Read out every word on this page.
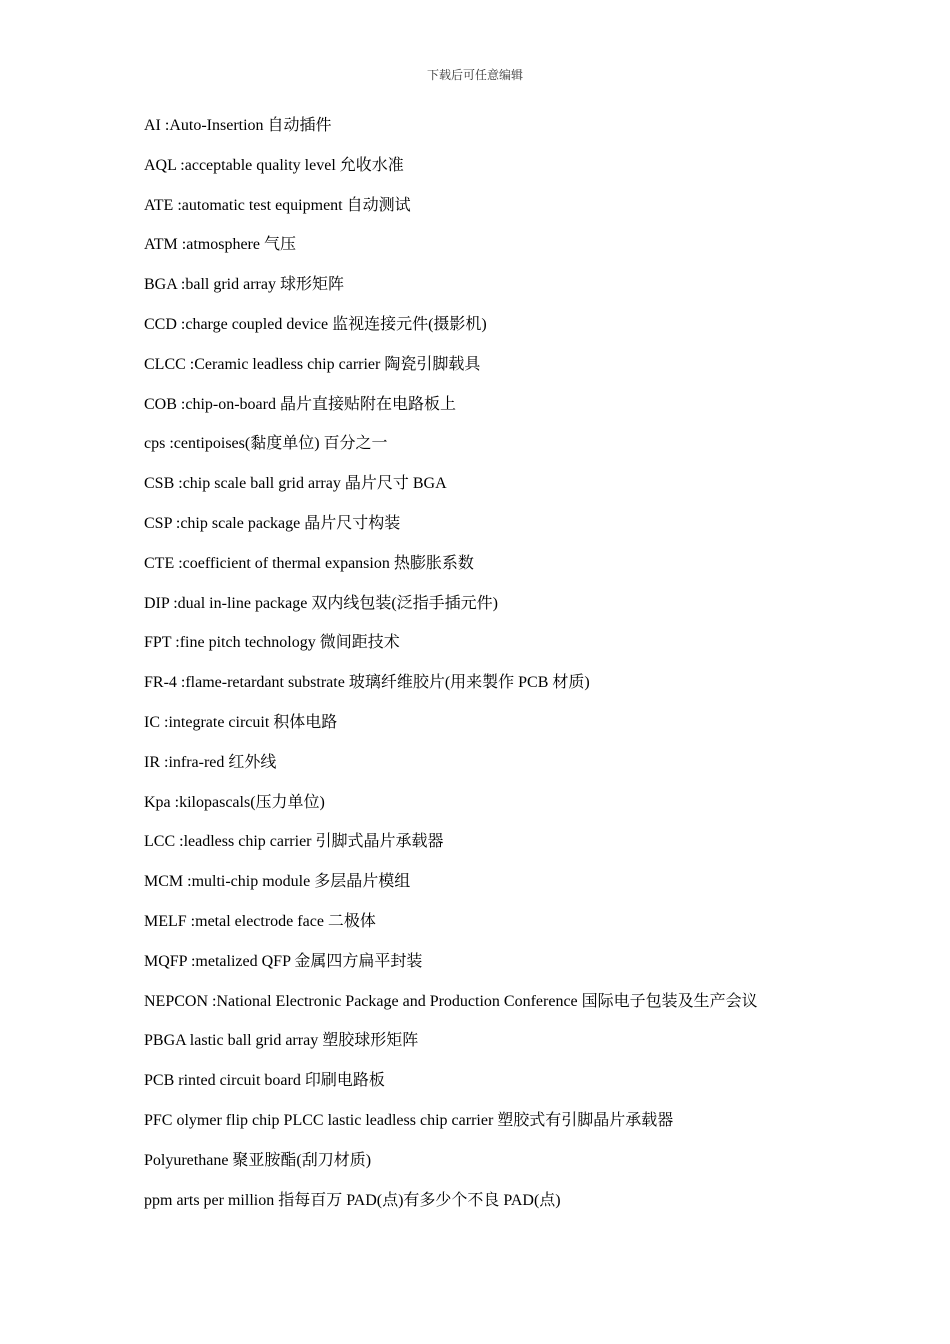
下载后可任意编辑
AI :Auto-Insertion 自动插件
AQL :acceptable quality level 允收水准
ATE :automatic test equipment 自动测试
ATM :atmosphere 气压
BGA :ball grid array 球形矩阵
CCD :charge coupled device 监视连接元件(摄影机)
CLCC :Ceramic leadless chip carrier 陶瓷引脚载具
COB :chip-on-board 晶片直接贴附在电路板上
cps :centipoises(黏度单位) 百分之一
CSB :chip scale ball grid array 晶片尺寸 BGA
CSP :chip scale package 晶片尺寸构装
CTE :coefficient of thermal expansion 热膨胀系数
DIP :dual in-line package 双内线包装(泛指手插元件)
FPT :fine pitch technology 微间距技术
FR-4 :flame-retardant substrate 玻璃纤维胶片(用来製作 PCB 材质)
IC :integrate circuit 积体电路
IR :infra-red 红外线
Kpa :kilopascals(压力单位)
LCC :leadless chip carrier 引脚式晶片承载器
MCM :multi-chip module 多层晶片模组
MELF :metal electrode face 二极体
MQFP :metalized QFP 金属四方扁平封装
NEPCON :National Electronic Package and Production Conference 国际电子包装及生产会议
PBGA lastic ball grid array 塑胶球形矩阵
PCB rinted circuit board 印刷电路板
PFC olymer flip chip PLCC lastic leadless chip carrier 塑胶式有引脚晶片承载器
Polyurethane 聚亚胺酯(刮刀材质)
ppm arts per million 指每百万 PAD(点)有多少个不良 PAD(点)
